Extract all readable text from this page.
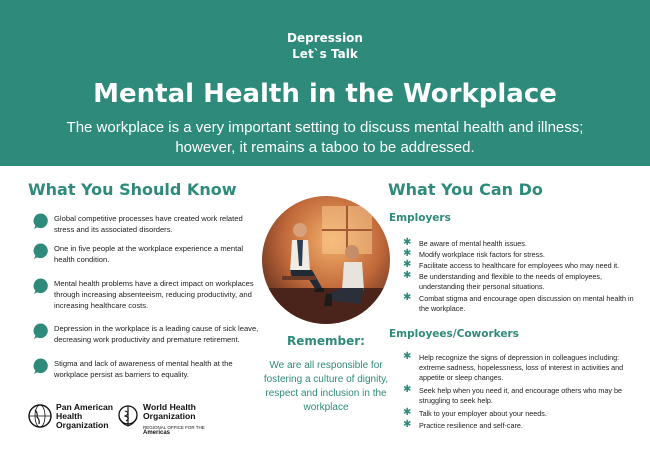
Depression
Let`s Talk
Mental Health in the Workplace
The workplace is a very important setting to discuss mental health and illness; however, it remains a taboo to be addressed.
What You Should Know
Global competitive processes have created work related stress and its associated disorders.
One in five people at the workplace experience a mental health condition.
Mental health problems have a direct impact on workplaces through increasing absenteeism, reducing productivity, and increasing healthcare costs.
Depression in the workplace is a leading cause of sick leave, decreasing work productivity and premature retirement.
Stigma and lack of awareness of mental health at the workplace persist as barriers to equality.
Remember:
We are all responsible for fostering a culture of dignity, respect and inclusion in the workplace
What You Can Do
Employers
✱ Be aware of mental health issues.
✱ Modify workplace risk factors for stress.
✱ Facilitate access to healthcare for employees who may need it.
✱ Be understanding and flexible to the needs of employees, understanding their personal situations.
✱ Combat stigma and encourage open discussion on mental health in the workplace.
Employees/Coworkers
✱ Help recognize the signs of depression in colleagues including: extreme sadness, hopelessness, loss of interest in activities and appetite or sleep changes.
✱ Seek help when you need it, and encourage others who may be struggling to seek help.
✱ Talk to your employer about your needs.
✱ Practice resilience and self-care.
Pan American
Health
Organization
World Health
Organization
REGIONAL OFFICE FOR THE Americas
